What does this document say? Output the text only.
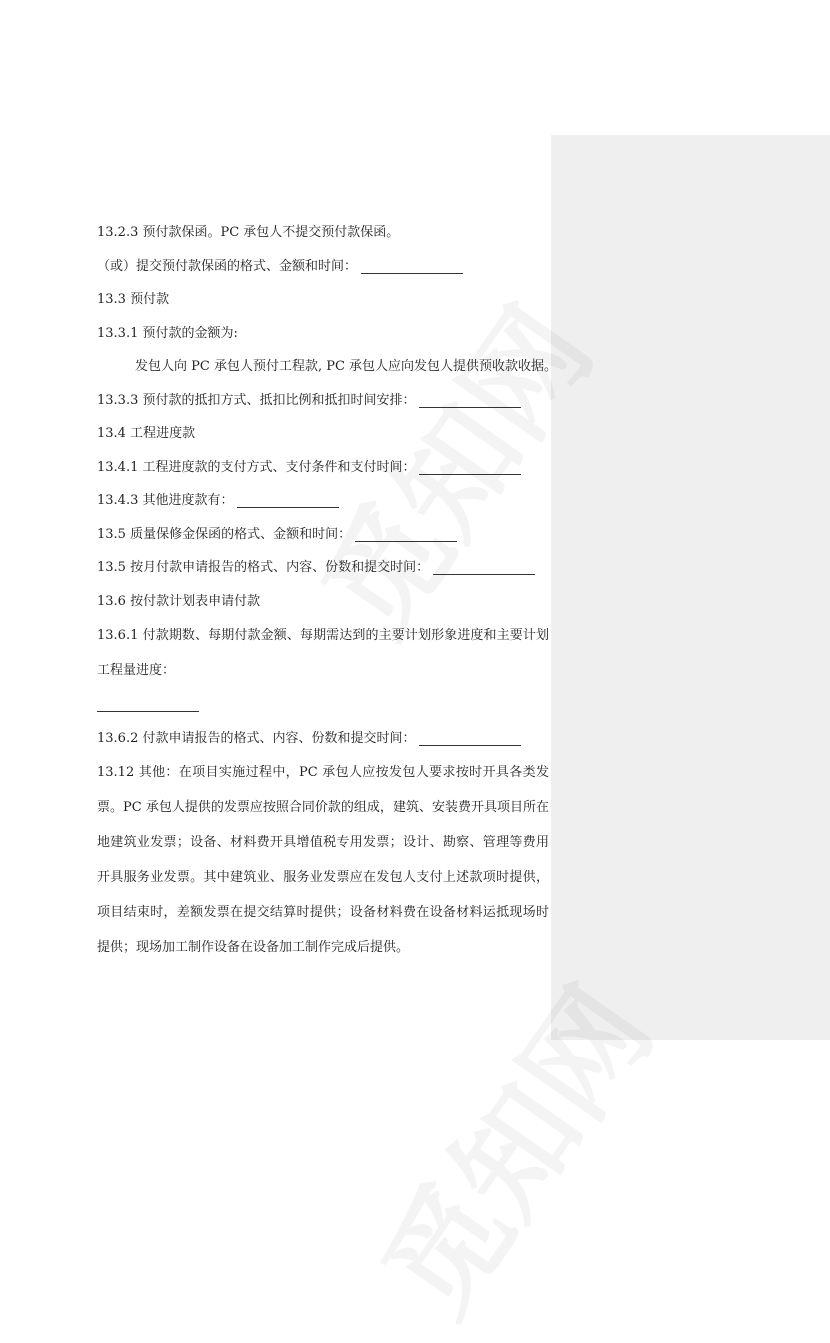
13.2.3 预付款保函。PC 承包人不提交预付款保函。

（或）提交预付款保函的格式、金额和时间：

13.3 预付款

13.3.1 预付款的金额为:

发包人向 PC 承包人预付工程款, PC 承包人应向发包人提供预收款收据。

13.3.3 预付款的抵扣方式、抵扣比例和抵扣时间安排：

13.4 工程进度款

13.4.1 工程进度款的支付方式、支付条件和支付时间：

13.4.3 其他进度款有：

13.5 质量保修金保函的格式、金额和时间：

13.5 按月付款申请报告的格式、内容、份数和提交时间：

13.6 按付款计划表申请付款

13.6.1 付款期数、每期付款金额、每期需达到的主要计划形象进度和主要计划工程量进度：

13.6.2 付款申请报告的格式、内容、份数和提交时间：

13.12 其他：在项目实施过程中，PC 承包人应按发包人要求按时开具各类发票。PC 承包人提供的发票应按照合同价款的组成，建筑、安装费开具项目所在地建筑业发票；设备、材料费开具增值税专用发票；设计、勘察、管理等费用开具服务业发票。其中建筑业、服务业发票应在发包人支付上述款项时提供，项目结束时，差额发票在提交结算时提供；设备材料费在设备材料运抵现场时提供；现场加工制作设备在设备加工制作完成后提供。
